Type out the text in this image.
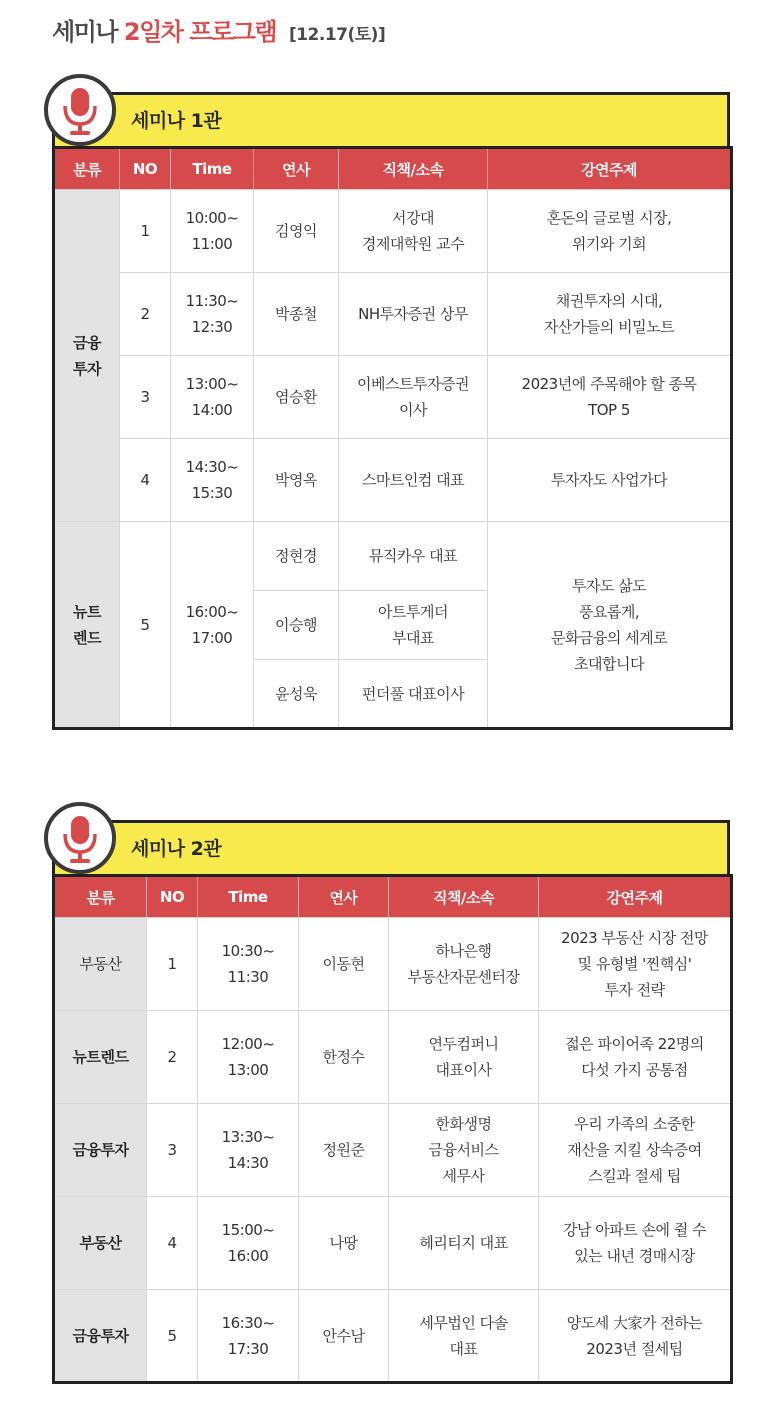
세미나 2일차 프로그램 [12.17(토)]
세미나 1관
분류	NO	Time	연사	직책/소속	강연주제

금융
투자	1	10:00~
11:00	김영익	서강대
경제대학원 교수	혼돈의 글로벌 시장,
위기와 기회

	2	11:30~
12:30	박종철	NH투자증권 상무	채권투자의 시대,
자산가들의 비밀노트

	3	13:00~
14:00	염승환	이베스트투자증권
이사	2023년에 주목해야 할 종목
TOP 5

	4	14:30~
15:30	박영옥	스마트인컴 대표	투자자도 사업가다

뉴트
렌드	5	16:00~
17:00	정현경	뮤직카우 대표	투자도 삶도
풍요롭게,
문화금융의 세계로
초대합니다

			이승행	아트투게더
부대표	

			윤성욱	펀더풀 대표이사	
세미나 2관
분류	NO	Time	연사	직책/소속	강연주제
부동산	1	10:30~
11:30	이동현	하나은행
부동산자문센터장	2023 부동산 시장 전망
및 유형별 '찐핵심'
투자 전략

뉴트렌드	2	12:00~
13:00	한정수	연두컴퍼니
대표이사	젋은 파이어족 22명의
다섯 가지 공통점

금융투자	3	13:30~
14:30	정원준	한화생명
금융서비스
세무사	우리 가족의 소중한
재산을 지킬 상속증여
스킬과 절세 팁

부동산	4	15:00~
16:00	나땅	헤리티지 대표	강남 아파트 손에 쥘 수
있는 내년 경매시장

금융투자	5	16:30~
17:30	안수남	세무법인 다솔
대표	양도세 大家가 전하는
2023년 절세팁
